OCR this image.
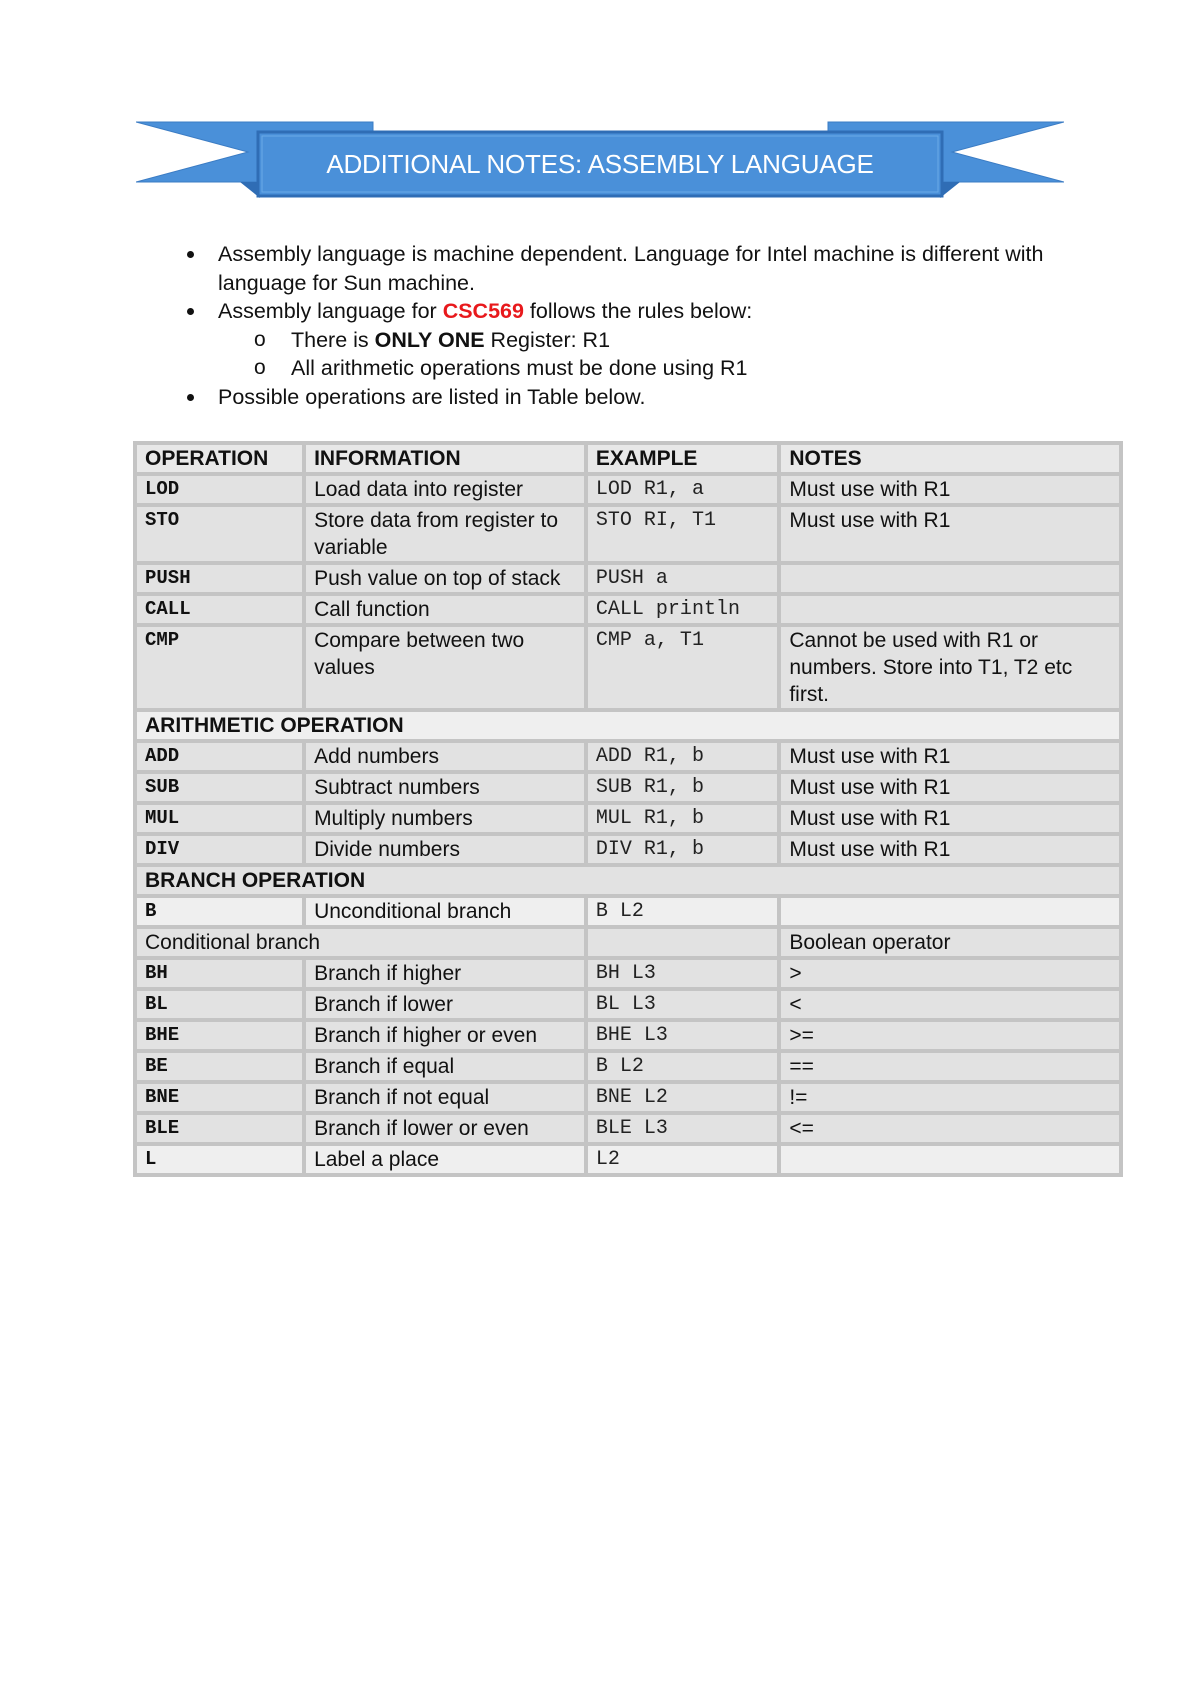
ADDITIONAL NOTES: ASSEMBLY LANGUAGE
Assembly language is machine dependent. Language for Intel machine is different with language for Sun machine.
Assembly language for CSC569 follows the rules below:
o There is ONLY ONE Register: R1
o All arithmetic operations must be done using R1
Possible operations are listed in Table below.
OPERATION	INFORMATION	EXAMPLE	NOTES
LOD	Load data into register	LOD R1, a	Must use with R1
STO	Store data from register to variable	STO RI, T1	Must use with R1
PUSH	Push value on top of stack	PUSH a	
CALL	Call function	CALL println	
CMP	Compare between two values	CMP a, T1	Cannot be used with R1 or numbers. Store into T1, T2 etc first.
ARITHMETIC OPERATION			
ADD	Add numbers	ADD R1, b	Must use with R1
SUB	Subtract numbers	SUB R1, b	Must use with R1
MUL	Multiply numbers	MUL R1, b	Must use with R1
DIV	Divide numbers	DIV R1, b	Must use with R1
BRANCH OPERATION			
B	Unconditional branch	B L2	
Conditional branch			Boolean operator
BH	Branch if higher	BH L3	>
BL	Branch if lower	BL L3	<
BHE	Branch if higher or even	BHE L3	>=
BE	Branch if equal	B L2	==
BNE	Branch if not equal	BNE L2	!=
BLE	Branch if lower or even	BLE L3	<=
L	Label a place	L2	
